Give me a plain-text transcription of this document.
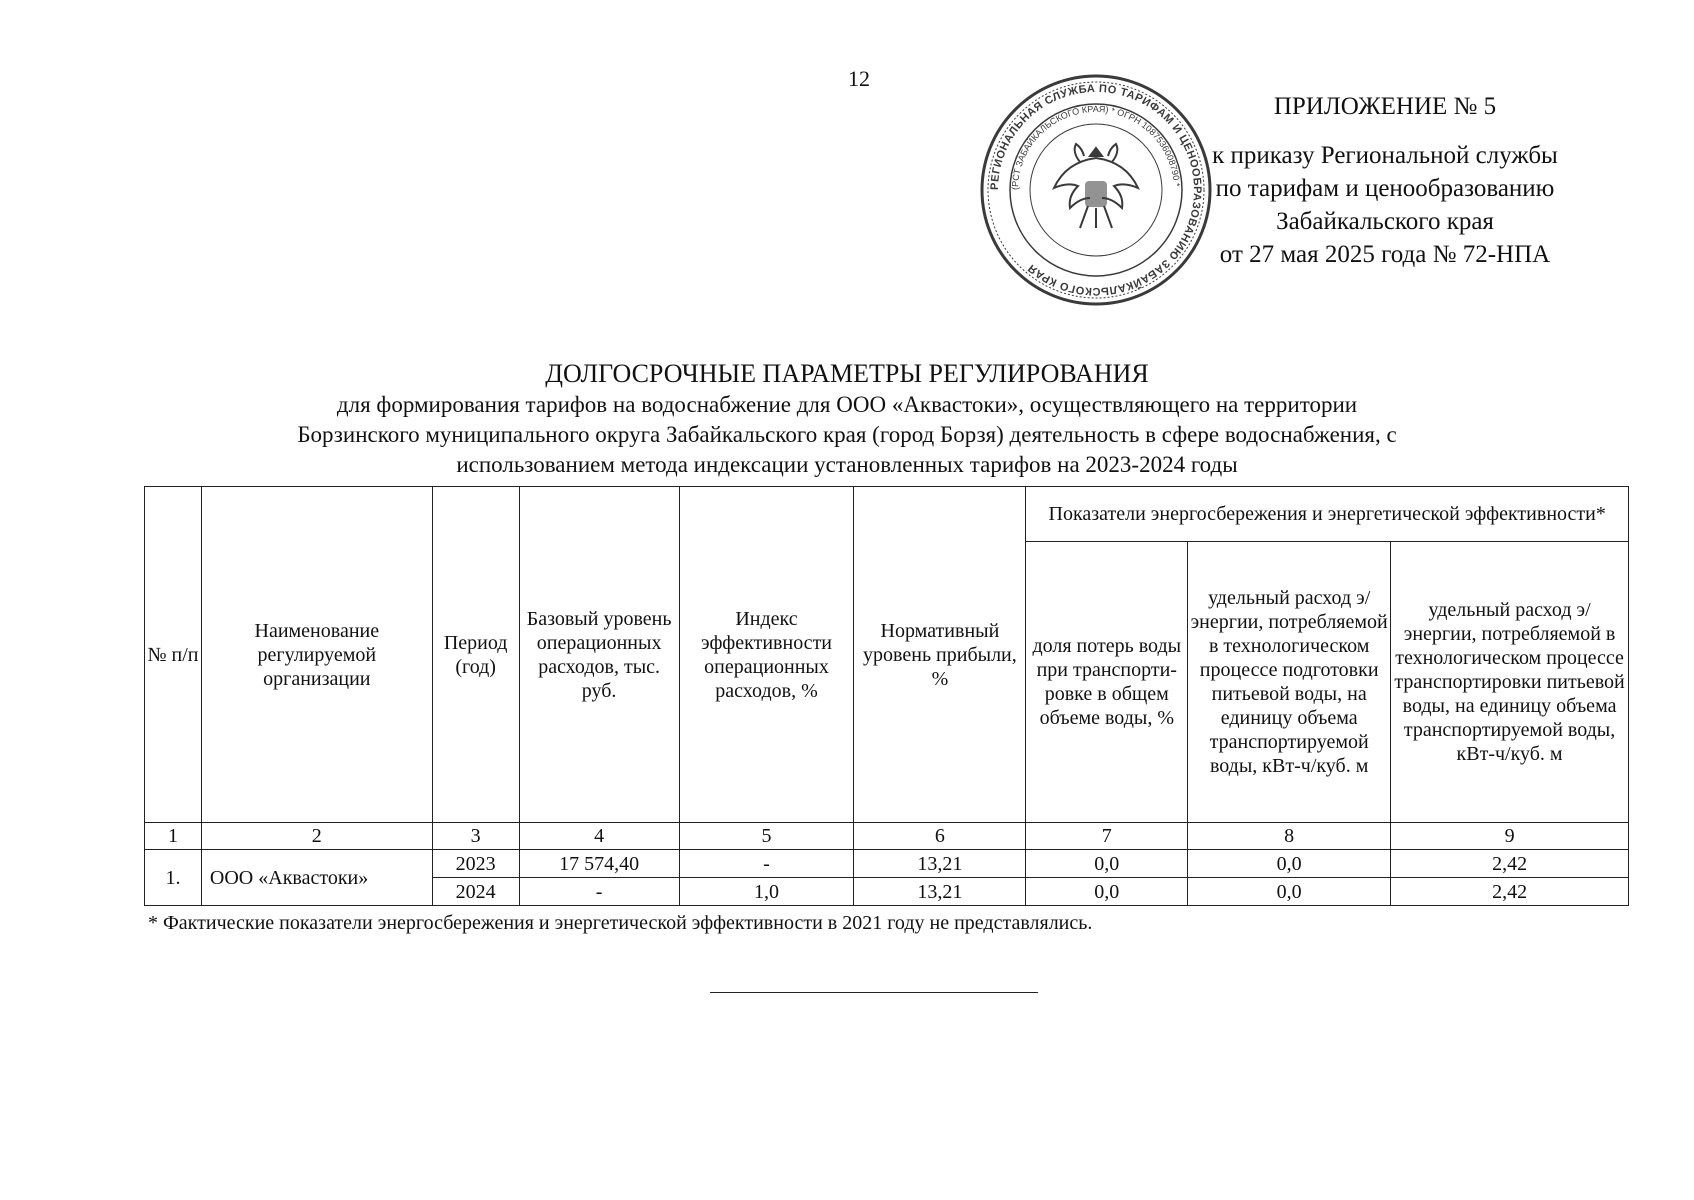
12
ПРИЛОЖЕНИЕ № 5
к приказу Региональной службы
по тарифам и ценообразованию
Забайкальского края
от 27 мая 2025 года № 72-НПА
РЕГИОНАЛЬНАЯ СЛУЖБА ПО ТАРИФАМ И ЦЕНООБРАЗОВАНИЮ ЗАБАЙКАЛЬСКОГО КРАЯ
(РСТ ЗАБАЙКАЛЬСКОГО КРАЯ) * ОГРН 1087536008790 *
ДОЛГОСРОЧНЫЕ ПАРАМЕТРЫ РЕГУЛИРОВАНИЯ
для формирования тарифов на водоснабжение для ООО «Аквастоки», осуществляющего на территории
Борзинского муниципального округа Забайкальского края (город Борзя) деятельность в сфере водоснабжения, с
использованием метода индексации установленных тарифов на 2023-2024 годы
№ п/п	Наименование регулируемой организации	Период (год)	Базовый уровень операционных расходов, тыс. руб.	Индекс эффективности операционных расходов, %	Нормативный уровень прибыли, %	Показатели энергосбережения и энергетической эффективности*		
						доля потерь воды при транспорти-ровке в общем объеме воды, %	удельный расход э/энергии, потребляемой в технологическом процессе подготовки питьевой воды, на единицу объема транспортируемой воды, кВт-ч/куб. м	удельный расход э/энергии, потребляемой в технологическом процессе транспортировки питьевой воды, на единицу объема транспортируемой воды, кВт-ч/куб. м
1	2	3	4	5	6	7	8	9
1.	ООО «Аквастоки»	2023	17 574,40	-	13,21	0,0	0,0	2,42
		2024	-	1,0	13,21	0,0	0,0	2,42
* Фактические показатели энергосбережения и энергетической эффективности в 2021 году не представлялись.
